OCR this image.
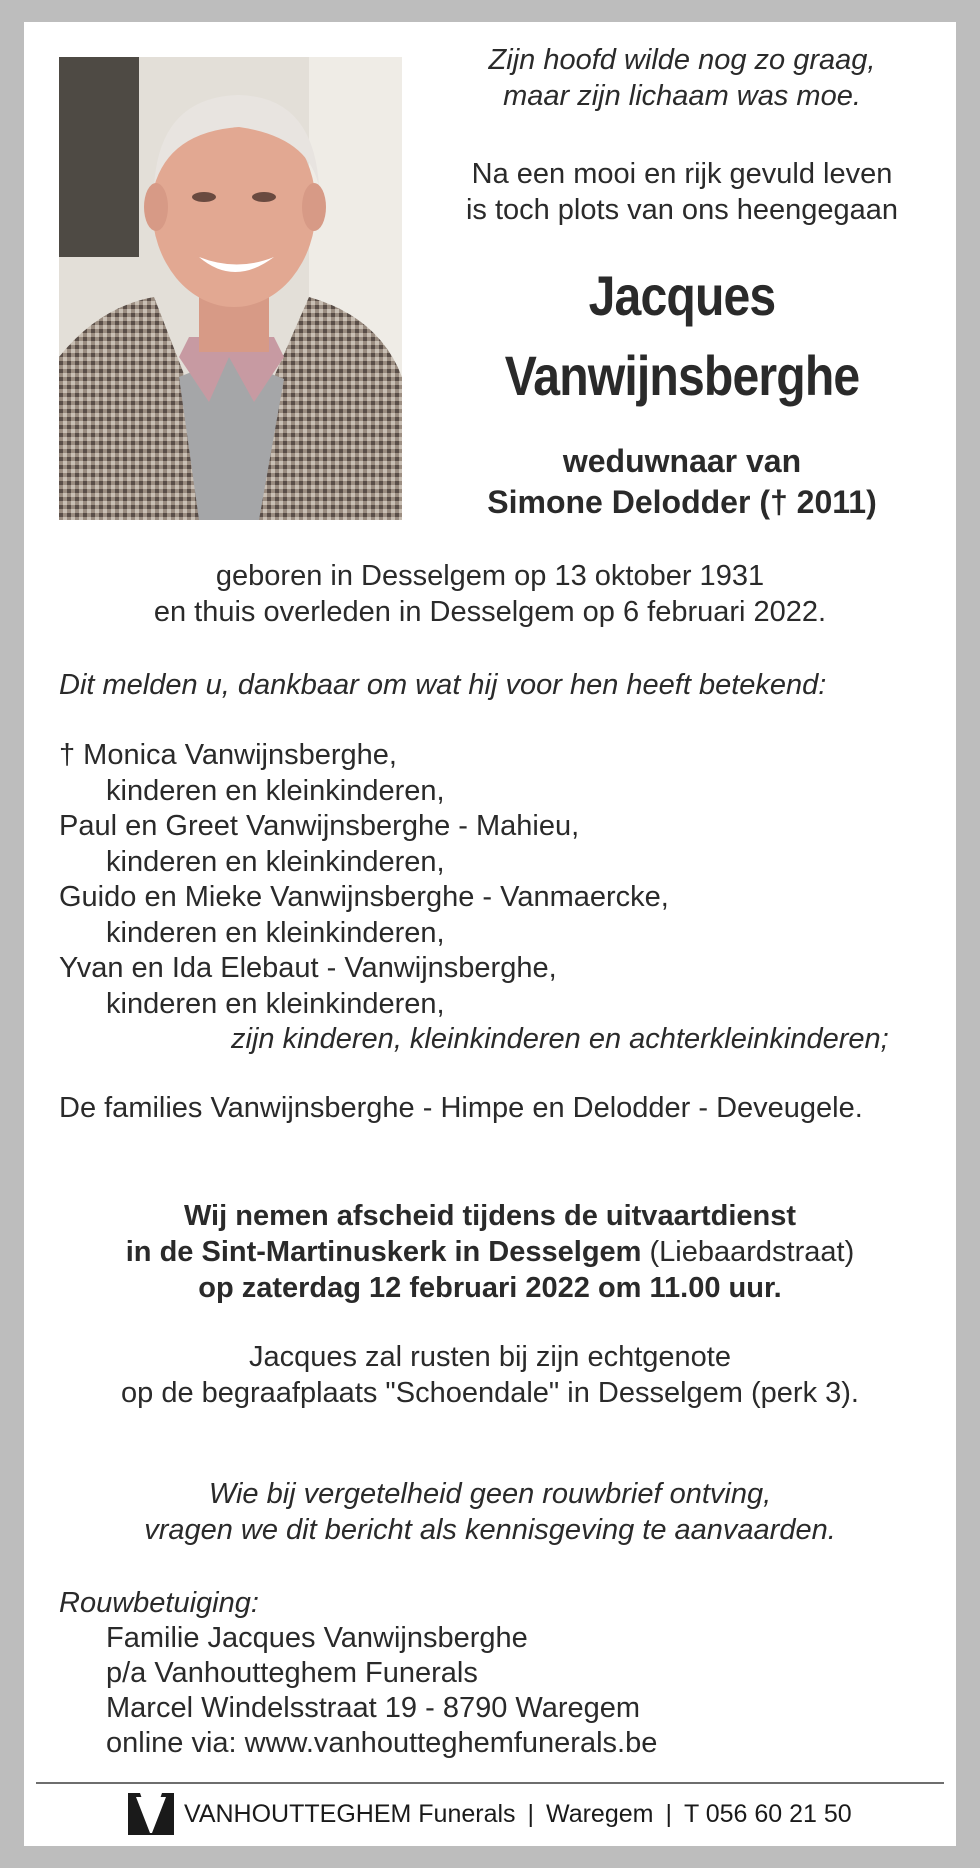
Zijn hoofd wilde nog zo graag,
maar zijn lichaam was moe.
Na een mooi en rijk gevuld leven
is toch plots van ons heengegaan
Jacques
Vanwijnsberghe
weduwnaar van
Simone Delodder († 2011)
geboren in Desselgem op 13 oktober 1931
en thuis overleden in Desselgem op 6 februari 2022.
Dit melden u, dankbaar om wat hij voor hen heeft betekend:
† Monica Vanwijnsberghe,
kinderen en kleinkinderen,
Paul en Greet Vanwijnsberghe - Mahieu,
kinderen en kleinkinderen,
Guido en Mieke Vanwijnsberghe - Vanmaercke,
kinderen en kleinkinderen,
Yvan en Ida Elebaut - Vanwijnsberghe,
kinderen en kleinkinderen,
zijn kinderen, kleinkinderen en achterkleinkinderen;
De families Vanwijnsberghe - Himpe en Delodder - Deveugele.
Wij nemen afscheid tijdens de uitvaartdienst
in de Sint-Martinuskerk in Desselgem (Liebaardstraat)
op zaterdag 12 februari 2022 om 11.00 uur.
Jacques zal rusten bij zijn echtgenote
op de begraafplaats "Schoendale" in Desselgem (perk 3).
Wie bij vergetelheid geen rouwbrief ontving,
vragen we dit bericht als kennisgeving te aanvaarden.
Rouwbetuiging:
Familie Jacques Vanwijnsberghe
p/a Vanhoutteghem Funerals
Marcel Windelsstraat 19 - 8790 Waregem
online via: www.vanhoutteghemfunerals.be
VANHOUTTEGHEM Funerals | Waregem | T 056 60 21 50
